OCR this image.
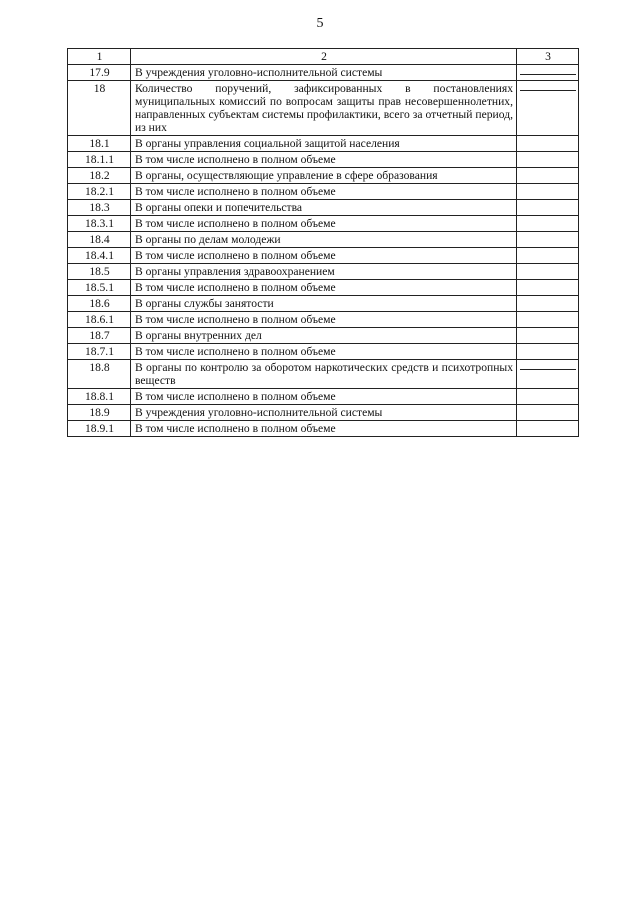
5
1	2	3
17.9	В учреждения уголовно-исполнительной системы	

18	Количество поручений, зафиксированных в постановлениях муниципальных комиссий по вопросам защиты прав несовершеннолетних, направленных субъектам системы профилактики, всего за отчетный период, из них	

18.1	В органы управления социальной защитой населения	
18.1.1	В том числе исполнено в полном объеме	
18.2	В органы, осуществляющие управление в сфере образования	
18.2.1	В том числе исполнено в полном объеме	
18.3	В органы опеки и попечительства	
18.3.1	В том числе исполнено в полном объеме	
18.4	В органы по делам молодежи	
18.4.1	В том числе исполнено в полном объеме	
18.5	В органы управления здравоохранением	
18.5.1	В том числе исполнено в полном объеме	
18.6	В органы службы занятости	
18.6.1	В том числе исполнено в полном объеме	
18.7	В органы внутренних дел	
18.7.1	В том числе исполнено в полном объеме	
18.8	В органы по контролю за оборотом наркотических средств и психотропных веществ	

18.8.1	В том числе исполнено в полном объеме	
18.9	В учреждения уголовно-исполнительной системы	
18.9.1	В том числе исполнено в полном объеме	
